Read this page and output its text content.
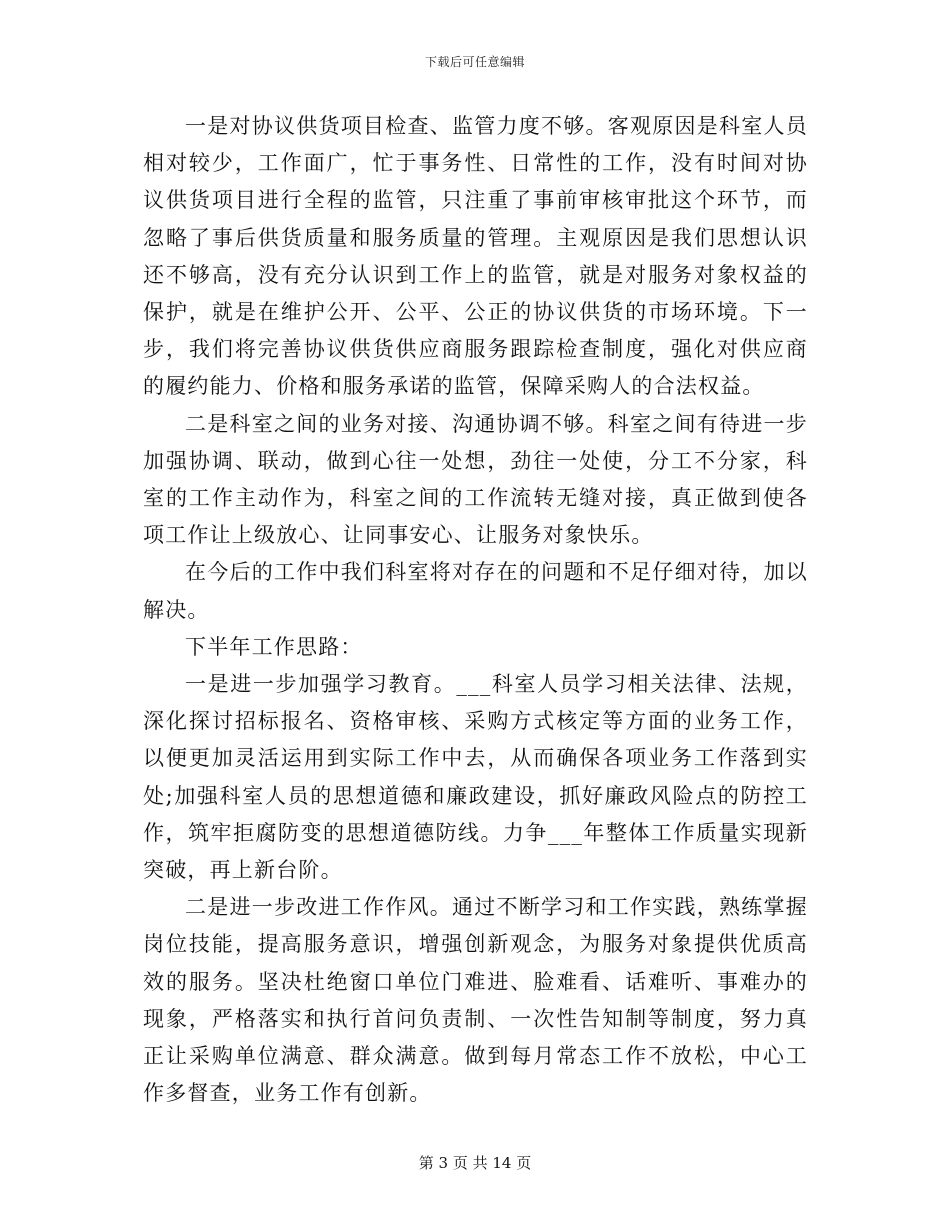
下载后可任意编辑

一是对协议供货项目检查、监管力度不够。客观原因是科室人员相对较少，工作面广，忙于事务性、日常性的工作，没有时间对协议供货项目进行全程的监管，只注重了事前审核审批这个环节，而忽略了事后供货质量和服务质量的管理。主观原因是我们思想认识还不够高，没有充分认识到工作上的监管，就是对服务对象权益的保护，就是在维护公开、公平、公正的协议供货的市场环境。下一步，我们将完善协议供货供应商服务跟踪检查制度，强化对供应商的履约能力、价格和服务承诺的监管，保障采购人的合法权益。

二是科室之间的业务对接、沟通协调不够。科室之间有待进一步加强协调、联动，做到心往一处想，劲往一处使，分工不分家，科室的工作主动作为，科室之间的工作流转无缝对接，真正做到使各项工作让上级放心、让同事安心、让服务对象快乐。

在今后的工作中我们科室将对存在的问题和不足仔细对待，加以解决。

下半年工作思路：

一是进一步加强学习教育。___科室人员学习相关法律、法规，深化探讨招标报名、资格审核、采购方式核定等方面的业务工作，以便更加灵活运用到实际工作中去，从而确保各项业务工作落到实处;加强科室人员的思想道德和廉政建设，抓好廉政风险点的防控工作，筑牢拒腐防变的思想道德防线。力争___年整体工作质量实现新突破，再上新台阶。

二是进一步改进工作作风。通过不断学习和工作实践，熟练掌握岗位技能，提高服务意识，增强创新观念，为服务对象提供优质高效的服务。坚决杜绝窗口单位门难进、脸难看、话难听、事难办的现象，严格落实和执行首问负责制、一次性告知制等制度，努力真正让采购单位满意、群众满意。做到每月常态工作不放松，中心工作多督查，业务工作有创新。

第 3 页 共 14 页
